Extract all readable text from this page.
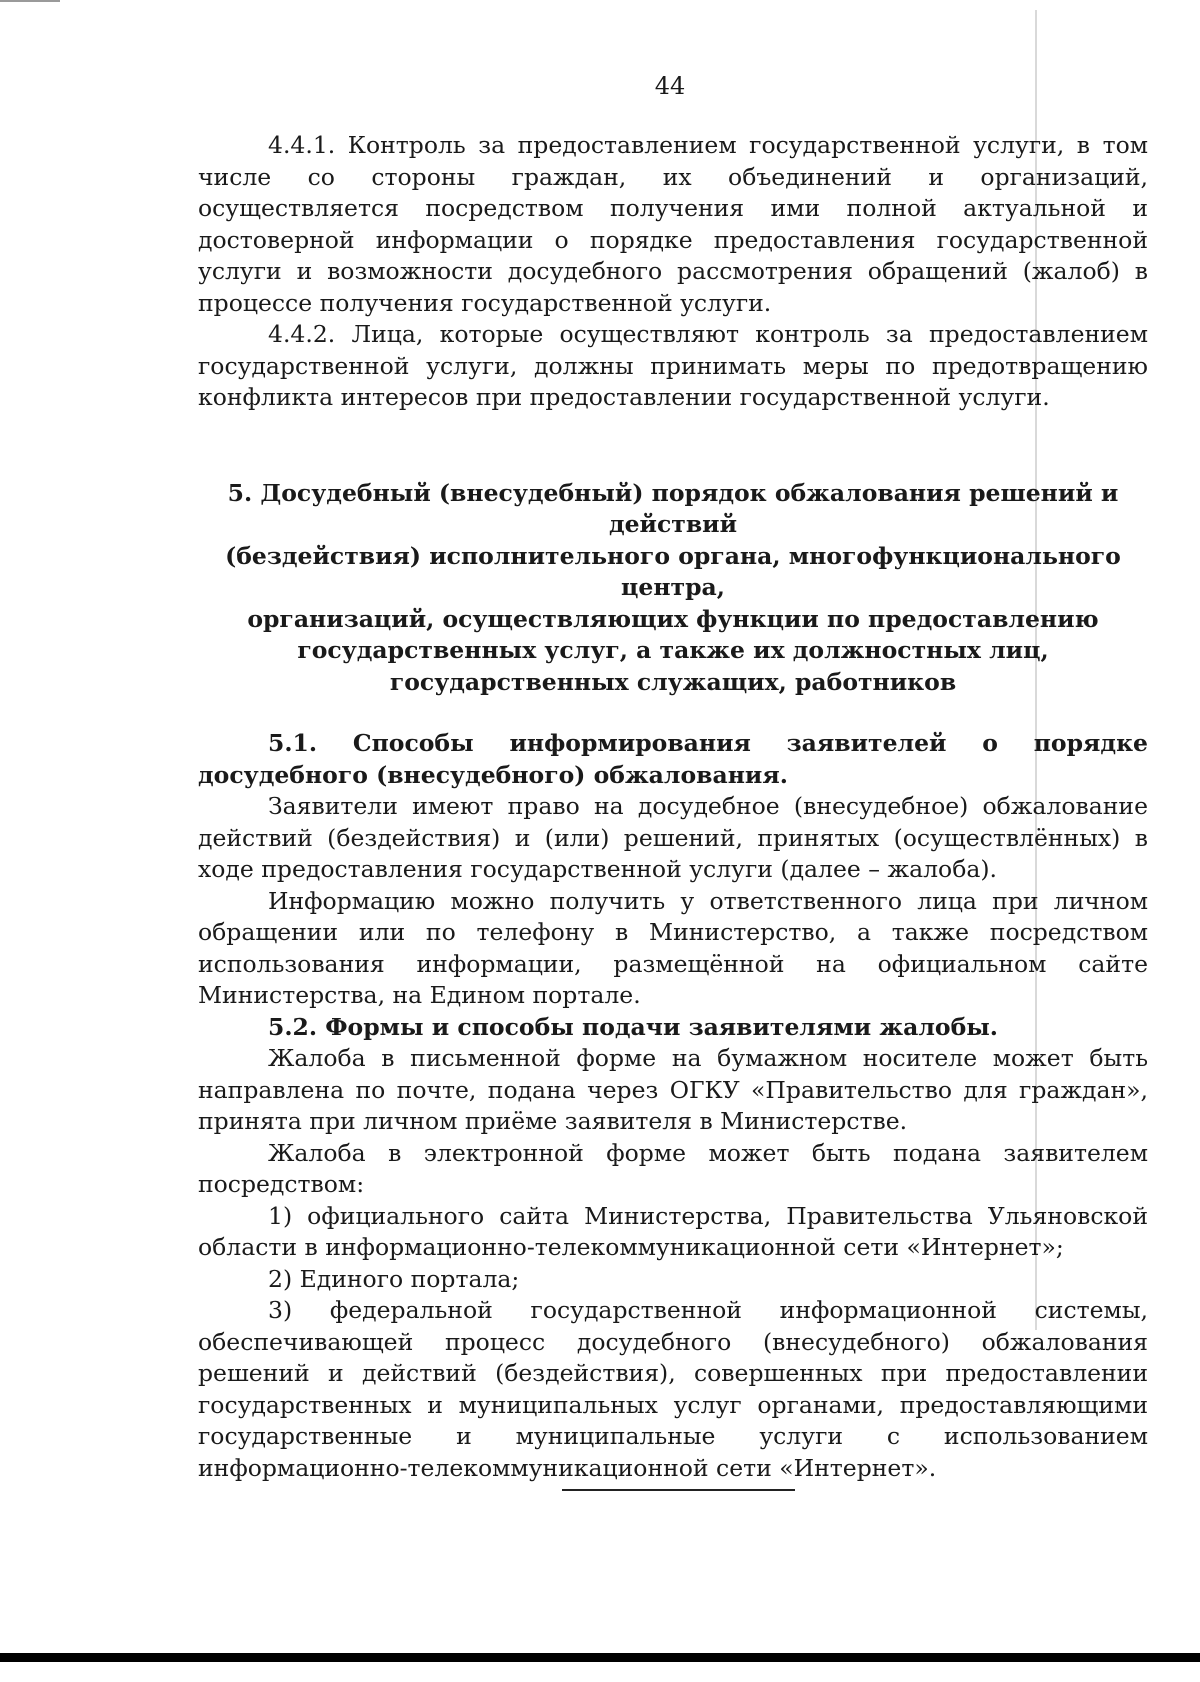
44

4.4.1. Контроль за предоставлением государственной услуги, в том числе со стороны граждан, их объединений и организаций, осуществляется посредством получения ими полной актуальной и достоверной информации о порядке предоставления государственной услуги и возможности досудебного рассмотрения обращений (жалоб) в процессе получения государственной услуги.

4.4.2. Лица, которые осуществляют контроль за предоставлением государственной услуги, должны принимать меры по предотвращению конфликта интересов при предоставлении государственной услуги.

5. Досудебный (внесудебный) порядок обжалования решений и действий
(бездействия) исполнительного органа, многофункционального центра,
организаций, осуществляющих функции по предоставлению
государственных услуг, а также их должностных лиц,
государственных служащих, работников

5.1. Способы информирования заявителей о порядке досудебного (внесудебного) обжалования.

Заявители имеют право на досудебное (внесудебное) обжалование действий (бездействия) и (или) решений, принятых (осуществлённых) в ходе предоставления государственной услуги (далее – жалоба).

Информацию можно получить у ответственного лица при личном обращении или по телефону в Министерство, а также посредством использования информации, размещённой на официальном сайте Министерства, на Едином портале.

5.2. Формы и способы подачи заявителями жалобы.

Жалоба в письменной форме на бумажном носителе может быть направлена по почте, подана через ОГКУ «Правительство для граждан», принята при личном приёме заявителя в Министерстве.

Жалоба в электронной форме может быть подана заявителем посредством:

1) официального сайта Министерства, Правительства Ульяновской области в информационно-телекоммуникационной сети «Интернет»;

2) Единого портала;

3) федеральной государственной информационной системы, обеспечивающей процесс досудебного (внесудебного) обжалования решений и действий (бездействия), совершенных при предоставлении государственных и муниципальных услуг органами, предоставляющими государственные и муниципальные услуги с использованием информационно-телекоммуникационной сети «Интернет».
